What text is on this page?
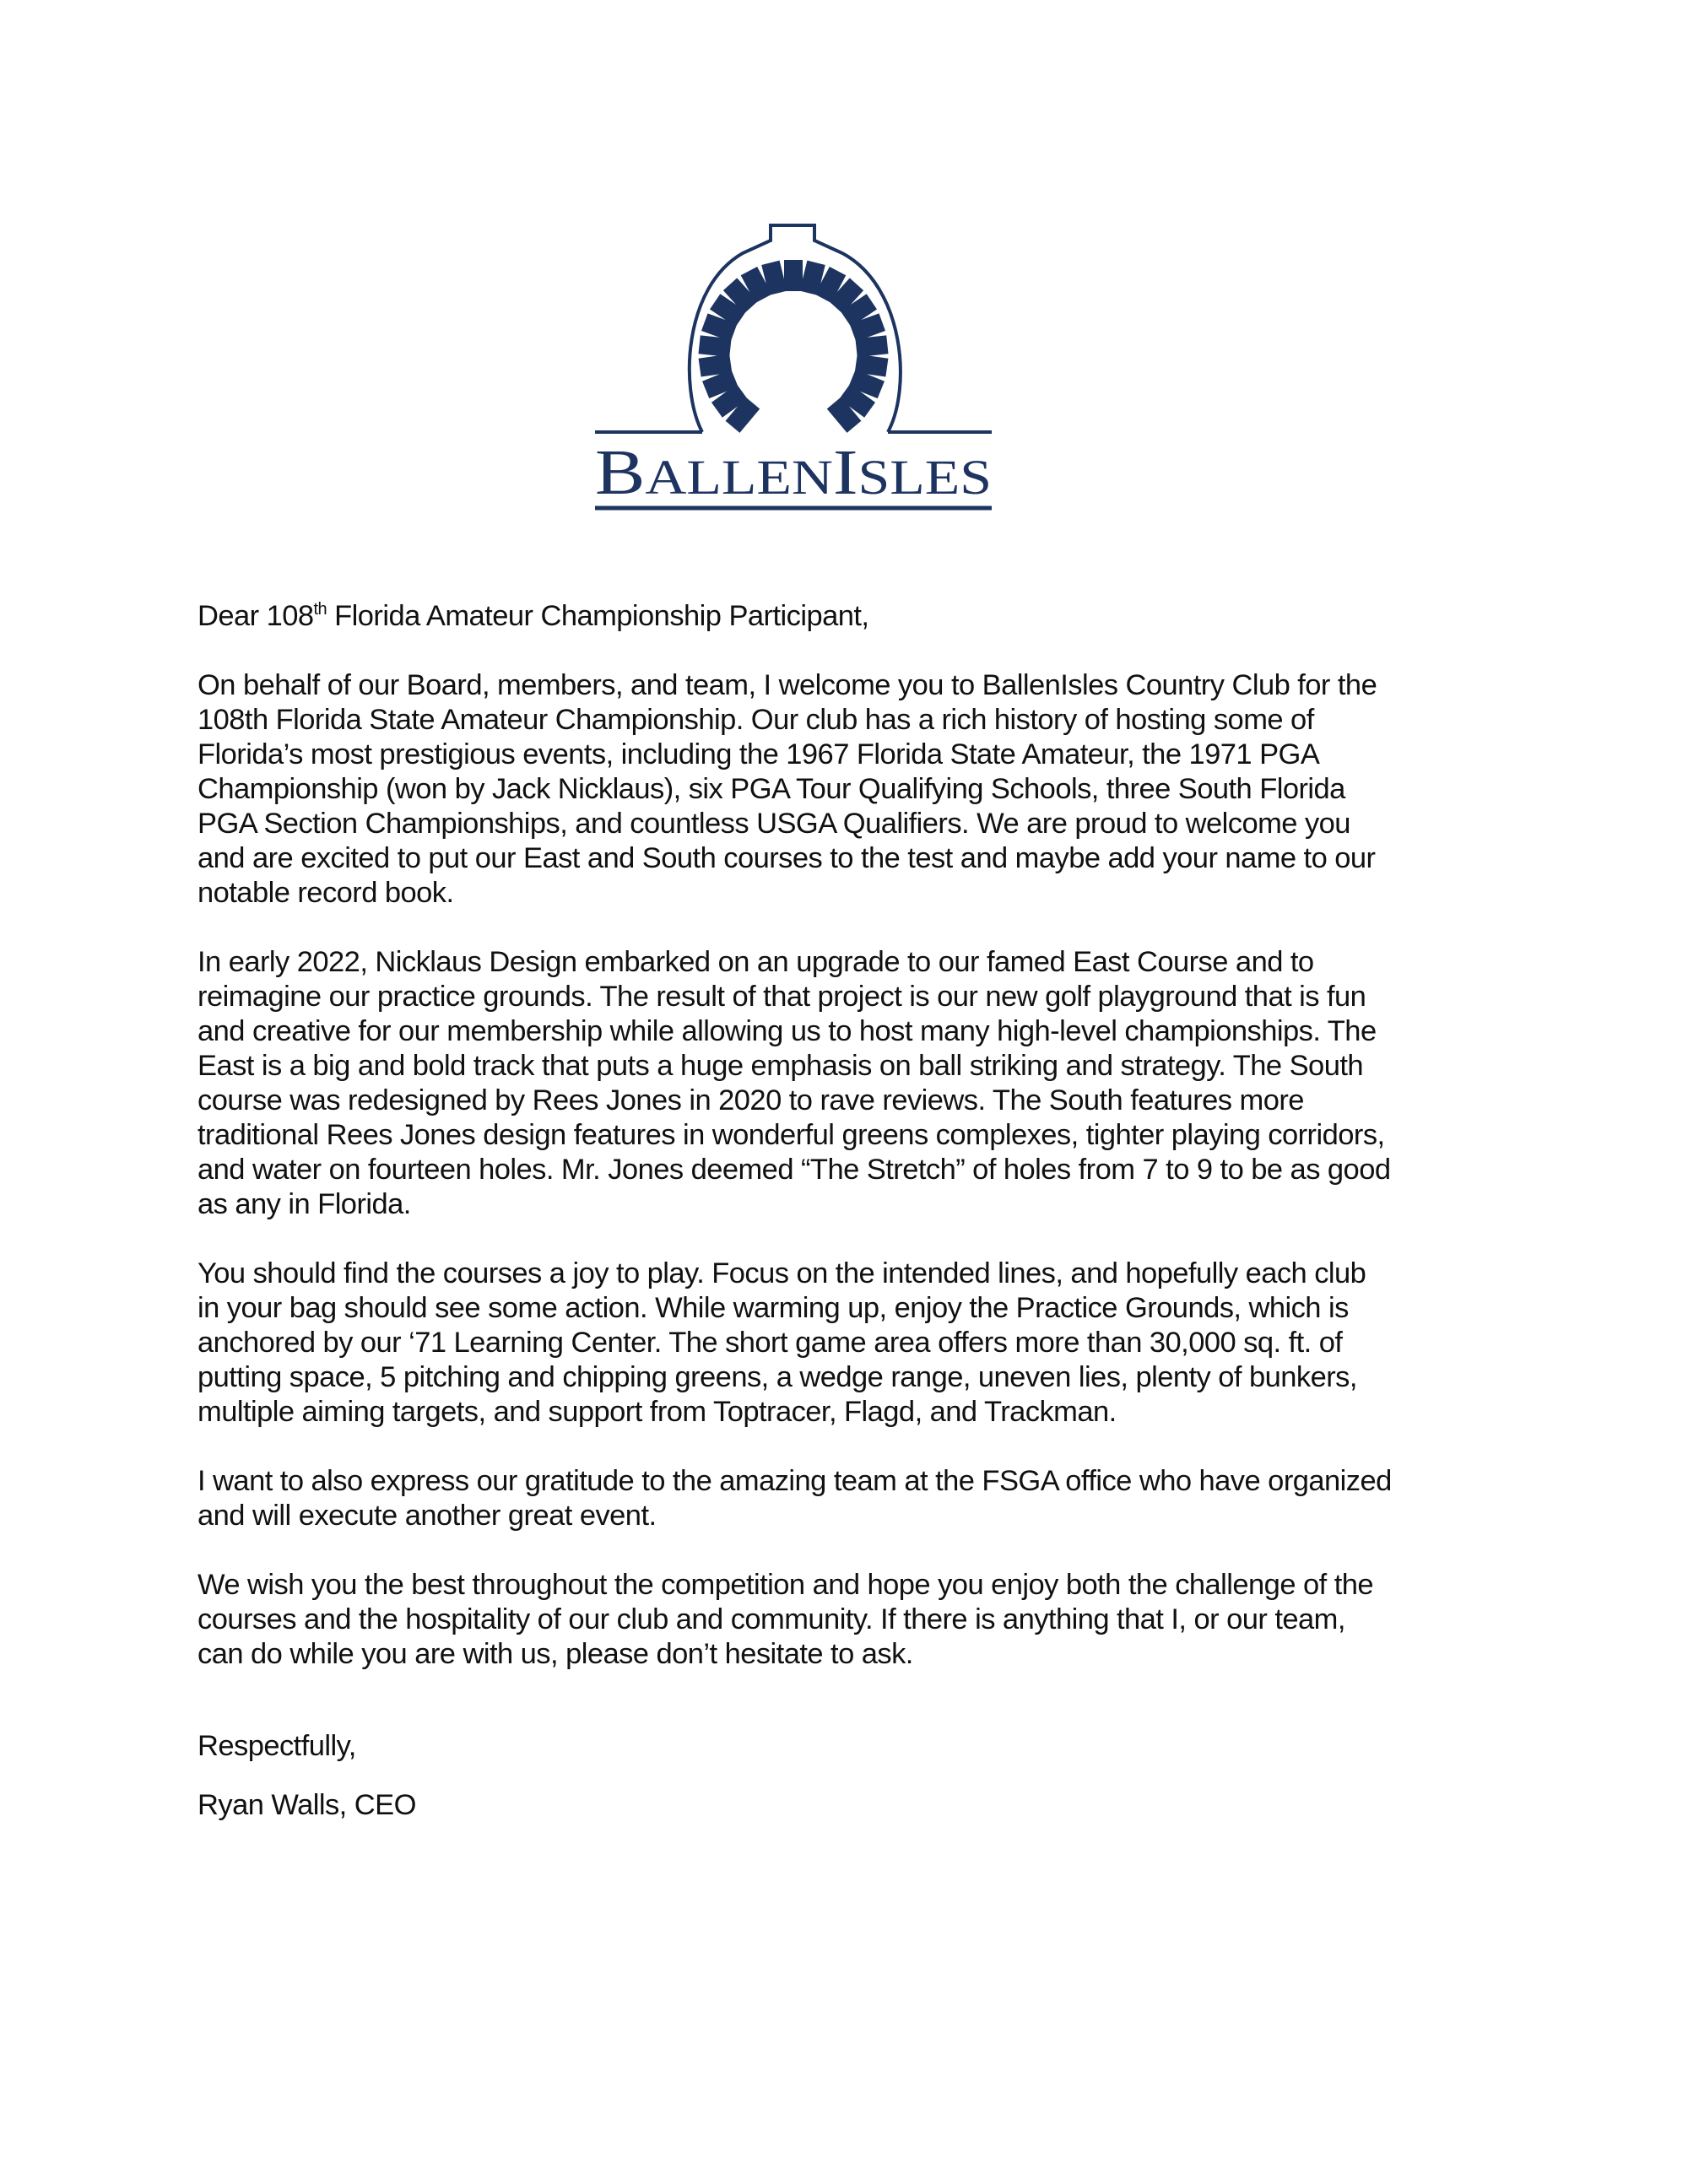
B ALLEN ISLES
Dear 108th Florida Amateur Championship Participant,
On behalf of our Board, members, and team, I welcome you to BallenIsles Country Club for the
108th Florida State Amateur Championship. Our club has a rich history of hosting some of
Florida’s most prestigious events, including the 1967 Florida State Amateur, the 1971 PGA
Championship (won by Jack Nicklaus), six PGA Tour Qualifying Schools, three South Florida
PGA Section Championships, and countless USGA Qualifiers. We are proud to welcome you
and are excited to put our East and South courses to the test and maybe add your name to our
notable record book.
In early 2022, Nicklaus Design embarked on an upgrade to our famed East Course and to
reimagine our practice grounds. The result of that project is our new golf playground that is fun
and creative for our membership while allowing us to host many high-level championships. The
East is a big and bold track that puts a huge emphasis on ball striking and strategy. The South
course was redesigned by Rees Jones in 2020 to rave reviews. The South features more
traditional Rees Jones design features in wonderful greens complexes, tighter playing corridors,
and water on fourteen holes. Mr. Jones deemed “The Stretch” of holes from 7 to 9 to be as good
as any in Florida.
You should find the courses a joy to play. Focus on the intended lines, and hopefully each club
in your bag should see some action. While warming up, enjoy the Practice Grounds, which is
anchored by our ‘71 Learning Center. The short game area offers more than 30,000 sq. ft. of
putting space, 5 pitching and chipping greens, a wedge range, uneven lies, plenty of bunkers,
multiple aiming targets, and support from Toptracer, Flagd, and Trackman.
I want to also express our gratitude to the amazing team at the FSGA office who have organized
and will execute another great event.
We wish you the best throughout the competition and hope you enjoy both the challenge of the
courses and the hospitality of our club and community. If there is anything that I, or our team,
can do while you are with us, please don’t hesitate to ask.
Respectfully,
Ryan Walls, CEO
